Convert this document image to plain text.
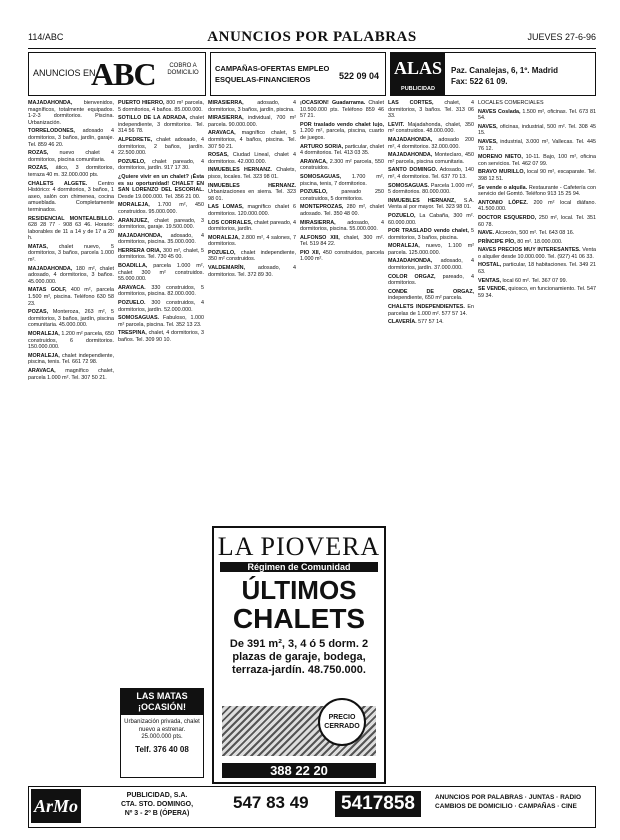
114/ABC	ANUNCIOS POR PALABRAS	JUEVES 27-6-96
ANUNCIOS EN
ABC	COBRO A DOMICILIO	CAMPAÑAS-OFERTAS EMPLEO
ESQUELAS-FINANCIEROS	522 09 04 ALAS
PUBLICIDAD
Paz. Canalejas, 6, 1º. Madrid
Fax: 522 61 09.

MAJADAHONDA, bienvenidos, magníficos, totalmente equipados. 1-2-3 dormitorios. Piscina. Urbanización.

TORRELODONES, adosado 4 dormitorios, 3 baños, jardín, garaje. Tel. 859 46 20.

ROZAS, nuevo chalet 4 dormitorios, piscina comunitaria.

ROZAS, ático, 3 dormitorios, terraza 40 m. 32.000.000 pts.

CHALETS ALGETE. Centro Histórico: 4 dormitorios, 3 baños, 1 aseo, salón con chimenea, cocina amueblada. Completamente terminados.

RESIDENCIAL MONTEALBILLO. 628 28 77 · 908 63 46. Horario: laborables de 11 a 14 y de 17 a 20 h.

MATAS, chalet nuevo, 5 dormitorios, 3 baños, parcela 1.000 m².

MAJADAHONDA, 180 m², chalet adosado, 4 dormitorios, 3 baños. 45.000.000.

MATAS GOLF, 400 m², parcela 1.500 m², piscina. Teléfono 630 58 23.

POZAS, Monteroza, 263 m², 5 dormitorios, 3 baños, jardín, piscina comunitaria. 45.000.000.

MORALEJA, 1.200 m² parcela, 650 construidos, 6 dormitorios. 150.000.000.

MORALEJA, chalet independiente, piscina, tenis. Tel. 661 72 98.

ARAVACA, magnífico chalet, parcela 1.000 m². Tel. 307 50 21.

PUERTO HIERRO, 800 m² parcela, 5 dormitorios, 4 baños. 85.000.000.

SOTILLO DE LA ADRADA, chalet independiente, 3 dormitorios. Tel. 314 56 78.

ALPEDRETE, chalet adosado, 4 dormitorios, 2 baños, jardín. 22.500.000.

POZUELO, chalet pareado, 4 dormitorios, jardín. 917 17 30.

¿Quiere vivir en un chalet? ¡Ésta es su oportunidad! CHALET EN SAN LORENZO DEL ESCORIAL. Desde 19.000.000. Tel. 356 21 00.

MORALEJA, 1.700 m², 450 construidos. 95.000.000.

ARANJUEZ, chalet pareado, 3 dormitorios, garaje. 19.500.000.

MAJADAHONDA, adosado, 4 dormitorios, piscina. 35.000.000.

HERRERA ORIA, 300 m², chalet, 5 dormitorios. Tel. 730 45 00.

BOADILLA, parcela 1.000 m², chalet 300 m² construidos. 55.000.000.

ARAVACA. 330 construidos, 5 dormitorios, piscina. 82.000.000.

POZUELO. 300 construidos, 4 dormitorios, jardín. 52.000.000.

SOMOSAGUAS. Fabuloso, 1.000 m² parcela, piscina. Tel. 352 13 23.

TRESPINA, chalet, 4 dormitorios, 3 baños. Tel. 309 90 10.

MIRASIERRA, adosado, 4 dormitorios, 3 baños, jardín, piscina.

MIRASIERRA, individual, 700 m² parcela. 90.000.000.

ARAVACA, magnífico chalet, 5 dormitorios, 4 baños, piscina. Tel. 307 50 21.

ROSAS, Ciudad Lineal, chalet 4 dormitorios. 42.000.000.

INMUEBLES HERNANZ. Chalets, pisos, locales. Tel. 323 98 01.

INMUEBLES HERNANZ. Urbanizaciones en sierra. Tel. 323 98 01.

LAS LOMAS, magnífico chalet 6 dormitorios. 120.000.000.

LOS CORRALES, chalet pareado, 4 dormitorios, jardín.

MORALEJA, 2.800 m², 4 salones, 7 dormitorios.

POZUELO, chalet independiente, 350 m² construidos.

VALDEMARÍN, adosado, 4 dormitorios. Tel. 372 89 30.

¡OCASIÓN! Guadarrama. Chalet 10.500.000 pts. Teléfono 859 46 57 21.

POR traslado vendo chalet lujo, 1.200 m², parcela, piscina, cuarto de juegos.

ARTURO SORIA, particular, chalet 4 dormitorios. Tel. 413 03 35.

ARAVACA, 2.300 m² parcela, 550 construidos.

SOMOSAGUAS, 1.700 m², piscina, tenis, 7 dormitorios.

POZUELO, pareado 250 construidos, 5 dormitorios.

MONTEPROZAS, 280 m², chalet adosado. Tel. 350 48 00.

MIRASIERRA, adosado, 4 dormitorios, piscina. 55.000.000.

ALFONSO XIII, chalet, 300 m². Tel. 519 84 22.

PIO XII, 450 construidos, parcela 1.000 m².

LAS CORTES, chalet, 4 dormitorios, 3 baños. Tel. 313 06 33.

LEVIT. Majadahonda, chalet, 350 m² construidos. 48.000.000.

MAJADAHONDA, adosado 200 m², 4 dormitorios. 32.000.000.

MAJADAHONDA, Monteclaro, 450 m² parcela, piscina comunitaria.

SANTO DOMINGO. Adosado, 140 m², 4 dormitorios. Tel. 637 70 13.

SOMOSAGUAS. Parcela 1.000 m², 5 dormitorios. 80.000.000.

INMUEBLES HERNANZ, S.A. Venta al por mayor. Tel. 323 98 01.

POZUELO, La Cabaña, 300 m². 60.000.000.

POR TRASLADO vendo chalet, 5 dormitorios, 3 baños, piscina.

MORALEJA, nuevo, 1.100 m² parcela. 125.000.000.

MAJADAHONDA, adosado, 4 dormitorios, jardín. 37.000.000.

COLOR ORGAZ, pareado, 4 dormitorios.

CONDE DE ORGAZ, independiente, 650 m² parcela.

CHALETS INDEPENDIENTES. En parcelas de 1.000 m². 577 57 14.

CLAVERÍA. 577 57 14.

LOCALES COMERCIALES

NAVES Coslada, 1.500 m², oficinas. Tel. 673 81 54.

NAVES, oficinas, industrial, 500 m². Tel. 308 45 15.

NAVES, industrial, 3.000 m², Vallecas. Tel. 445 76 12.

MORENO NIETO, 10-11. Bajo, 100 m², oficina con servicios. Tel. 462 07 99.

BRAVO MURILLO, local 90 m², escaparate. Tel. 398 12 51.

Se vende o alquila. Restaurante - Cafetería con servicio del Gomtó. Teléfono 913 15 25 94.

ANTONIO LÓPEZ. 200 m² local diáfano. 41.500.000.

DOCTOR ESQUERDO, 250 m², local. Tel. 351 60 78.

NAVE. Alcorcón, 500 m². Tel. 643 08 16.

PRÍNCIPE PÍO, 80 m². 18.000.000.

NAVES PRECIOS MUY INTERESANTES. Venta o alquiler desde 10.000.000. Tel. (927) 41 06 33.

HOSTAL, particular, 18 habitaciones. Tel. 349 21 63.

VENTAS, local 60 m². Tel. 367 07 99.

SE VENDE, quiosco, en funcionamiento. Tel. 547 59 34.

LAS MATAS ¡OCASIÓN!
Urbanización privada, chalet nuevo a estrenar. 25.000.000 pts.
Telf. 376 40 08
LA PIOVERA
Régimen de Comunidad
ÚLTIMOS
CHALETS
De 391 m², 3, 4 ó 5 dorm. 2 plazas de garaje, bodega, terraza-jardín. 48.750.000.
PRECIO CERRADO
388 22 20
ArMo
PUBLICIDAD, S.A.
CTA. STO. DOMINGO,
Nº 3 - 2º B (ÓPERA)
547 83 49	5417858	ANUNCIOS POR PALABRAS · JUNTAS · RADIO CAMBIOS DE DOMICILIO · CAMPAÑAS · CINE
